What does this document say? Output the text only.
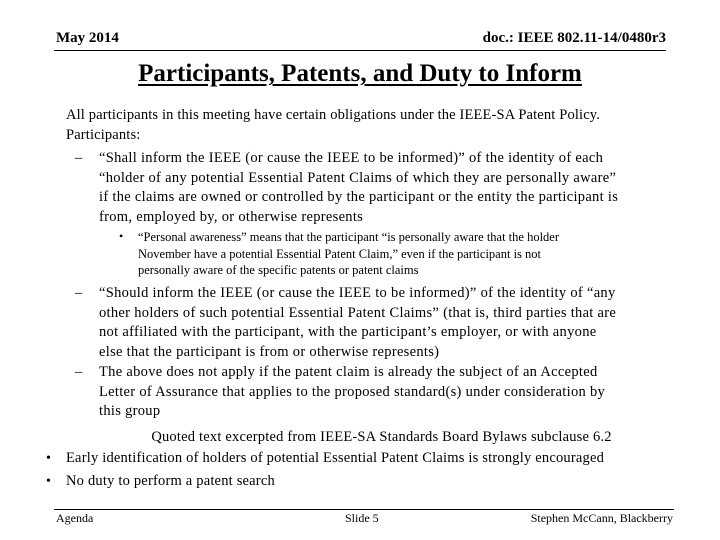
May 2014	doc.: IEEE 802.11-14/0480r3
Participants, Patents, and Duty to Inform
All participants in this meeting have certain obligations under the IEEE-SA Patent Policy.
Participants:
– “Shall inform the IEEE (or cause the IEEE to be informed)” of the identity of each
“holder of any potential Essential Patent Claims of which they are personally aware”
if the claims are owned or controlled by the participant or the entity the participant is
from, employed by, or otherwise represents
• “Personal awareness” means that the participant “is personally aware that the holder
November have a potential Essential Patent Claim,” even if the participant is not
personally aware of the specific patents or patent claims
– “Should inform the IEEE (or cause the IEEE to be informed)” of the identity of “any
other holders of such potential Essential Patent Claims” (that is, third parties that are
not affiliated with the participant, with the participant’s employer, or with anyone
else that the participant is from or otherwise represents)
– The above does not apply if the patent claim is already the subject of an Accepted
Letter of Assurance that applies to the proposed standard(s) under consideration by
this group
Quoted text excerpted from IEEE-SA Standards Board Bylaws subclause 6.2
• Early identification of holders of potential Essential Patent Claims is strongly encouraged
• No duty to perform a patent search
Agenda	Slide 5	Stephen McCann, Blackberry
